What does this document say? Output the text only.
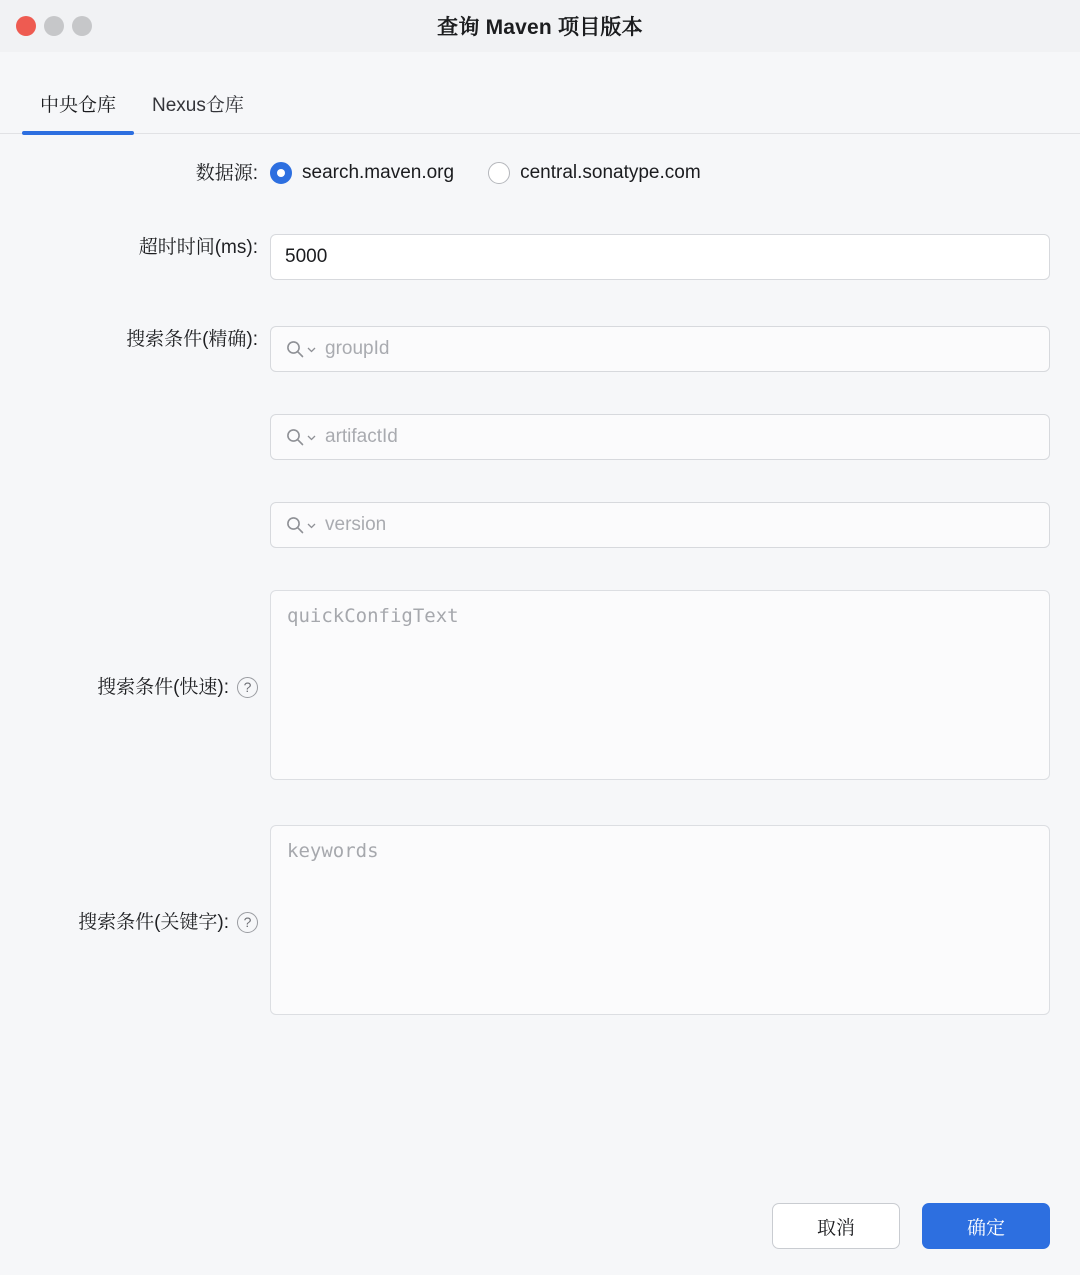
查询 Maven 项目版本
中央仓库	Nexus仓库
数据源:	search.maven.org	central.sonatype.com
超时时间(ms):
5000
搜索条件(精确):
groupId
artifactId
version
搜索条件(快速):	?
quickConfigText
搜索条件(关键字):	?
keywords
取消	确定
